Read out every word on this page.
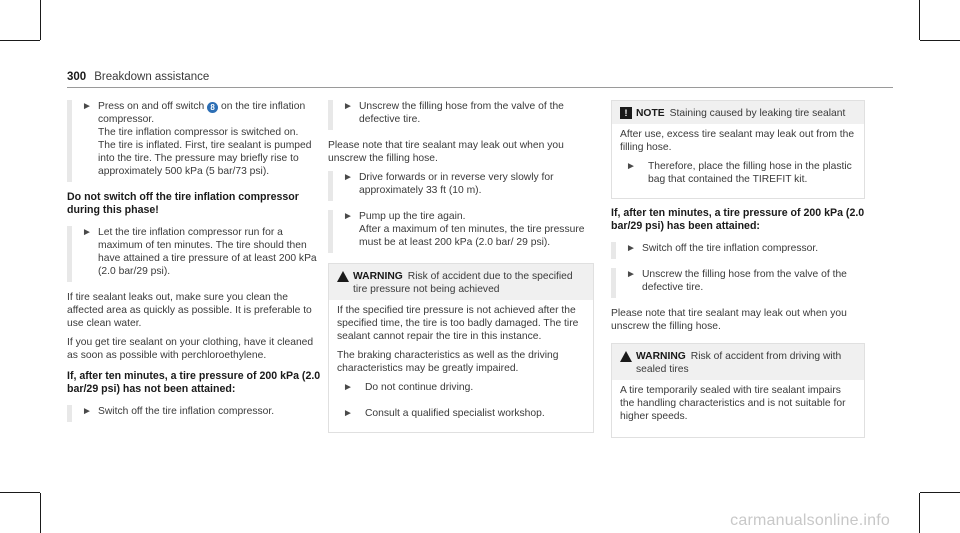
300 Breakdown assistance
► Press on and off switch 8 on the tire inflation compressor.

The tire inflation compressor is switched on.

The tire is inflated. First, tire sealant is pumped into the tire. The pressure may briefly rise to approximately 500 kPa (5 bar/73 psi).

Do not switch off the tire inflation compressor during this phase!
► Let the tire inflation compressor run for a maximum of ten minutes. The tire should then have attained a tire pressure of at least 200 kPa (2.0 bar/29 psi).

If tire sealant leaks out, make sure you clean the affected area as quickly as possible. It is preferable to use clean water.

If you get tire sealant on your clothing, have it cleaned as soon as possible with perchloroethylene.

If, after ten minutes, a tire pressure of 200 kPa (2.0 bar/29 psi) has not been attained:
► Switch off the tire inflation compressor.

► Unscrew the filling hose from the valve of the defective tire.

Please note that tire sealant may leak out when you unscrew the filling hose.

► Drive forwards or in reverse very slowly for approximately 33 ft (10 m).

► Pump up the tire again.

After a maximum of ten minutes, the tire pressure must be at least 200 kPa (2.0 bar/ 29 psi).

WARNING Risk of accident due to the specified tire pressure not being achieved

If the specified tire pressure is not achieved after the specified time, the tire is too badly damaged. The tire sealant cannot repair the tire in this instance.

The braking characteristics as well as the driving characteristics may be greatly impaired.

► Do not continue driving.

► Consult a qualified specialist workshop.

! NOTE Staining caused by leaking tire sealant

After use, excess tire sealant may leak out from the filling hose.

► Therefore, place the filling hose in the plastic bag that contained the TIREFIT kit.

If, after ten minutes, a tire pressure of 200 kPa (2.0 bar/29 psi) has been attained:
► Switch off the tire inflation compressor.

► Unscrew the filling hose from the valve of the defective tire.

Please note that tire sealant may leak out when you unscrew the filling hose.

WARNING Risk of accident from driving with sealed tires

A tire temporarily sealed with tire sealant impairs the handling characteristics and is not suitable for higher speeds.

carmanualsonline.info
